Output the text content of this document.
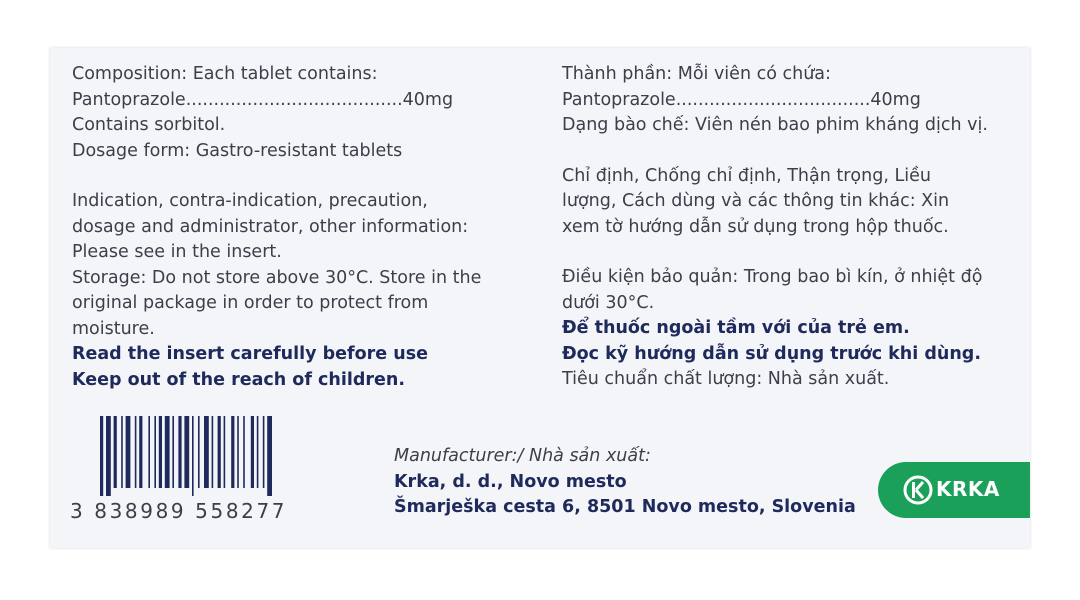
Composition: Each tablet contains:
Pantoprazole.......................................40mg
Contains sorbitol.
Dosage form: Gastro-resistant tablets
Indication, contra-indication, precaution,
dosage and administrator, other information:
Please see in the insert.
Storage: Do not store above 30°C. Store in the
original package in order to protect from
moisture.
Read the insert carefully before use
Keep out of the reach of children.
Thành phần: Mỗi viên có chứa:
Pantoprazole...................................40mg
Dạng bào chế: Viên nén bao phim kháng dịch vị.
Chỉ định, Chống chỉ định, Thận trọng, Liều
lượng, Cách dùng và các thông tin khác: Xin
xem tờ hướng dẫn sử dụng trong hộp thuốc.
Điều kiện bảo quản: Trong bao bì kín, ở nhiệt độ
dưới 30°C.
Để thuốc ngoài tầm với của trẻ em.
Đọc kỹ hướng dẫn sử dụng trước khi dùng.
Tiêu chuẩn chất lượng: Nhà sản xuất.
3 838989 558277
Manufacturer:/ Nhà sản xuất:
Krka, d. d., Novo mesto
Šmarješka cesta 6, 8501 Novo mesto, Slovenia
KRKA
